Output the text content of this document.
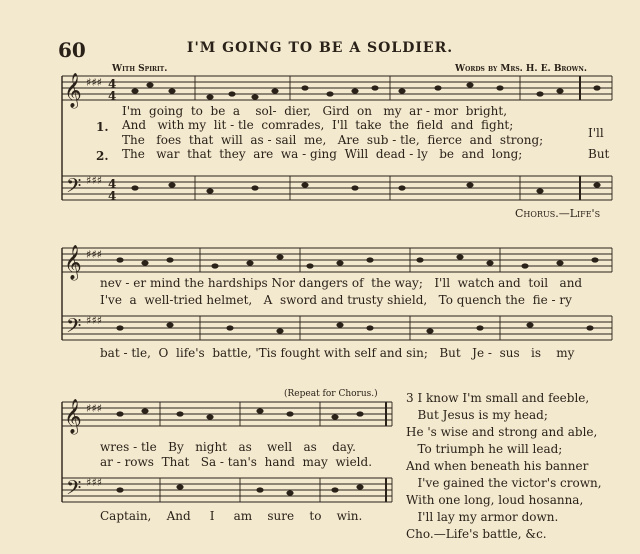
60	I'M GOING TO BE A SOLDIER.
With Spirit.	Words by Mrs. H. E. Brown.
𝄞
𝄢
𝄞
𝄢
𝄞
𝄢
♯♯♯
♯♯♯
♯♯♯
♯♯♯
♯♯♯
♯♯♯
4
4
4
4
1.
2.
I'm  going  to  be  a    sol-  dier,   Gird  on   my  ar - mor  bright,
And   with my  lit - tle  comrades,  I'll  take  the  field  and  fight;
The   foes  that  will  as - sail  me,   Are  sub - tle,  fierce  and  strong;
The   war  that  they  are  wa - ging  Will  dead - ly   be  and  long;
I'll
But
Chorus.—Life's
nev - er mind the hardships Nor dangers of  the way;   I'll  watch and  toil   and
I've  a  well-tried helmet,   A  sword and trusty shield,   To quench the  fie - ry
bat - tle,  O  life's  battle, 'Tis fought with self and sin;   But   Je -  sus   is    my
(Repeat for Chorus.)
wres - tle   By   night   as    well   as    day.
ar - rows  That   Sa - tan's  hand  may  wield.
Captain,    And     I     am    sure    to    win.
3 I know I'm small and feeble,
But Jesus is my head;
He 's wise and strong and able,
To triumph he will lead;
And when beneath his banner
I've gained the victor's crown,
With one long, loud hosanna,
I'll lay my armor down.
Cho.—Life's battle, &c.
